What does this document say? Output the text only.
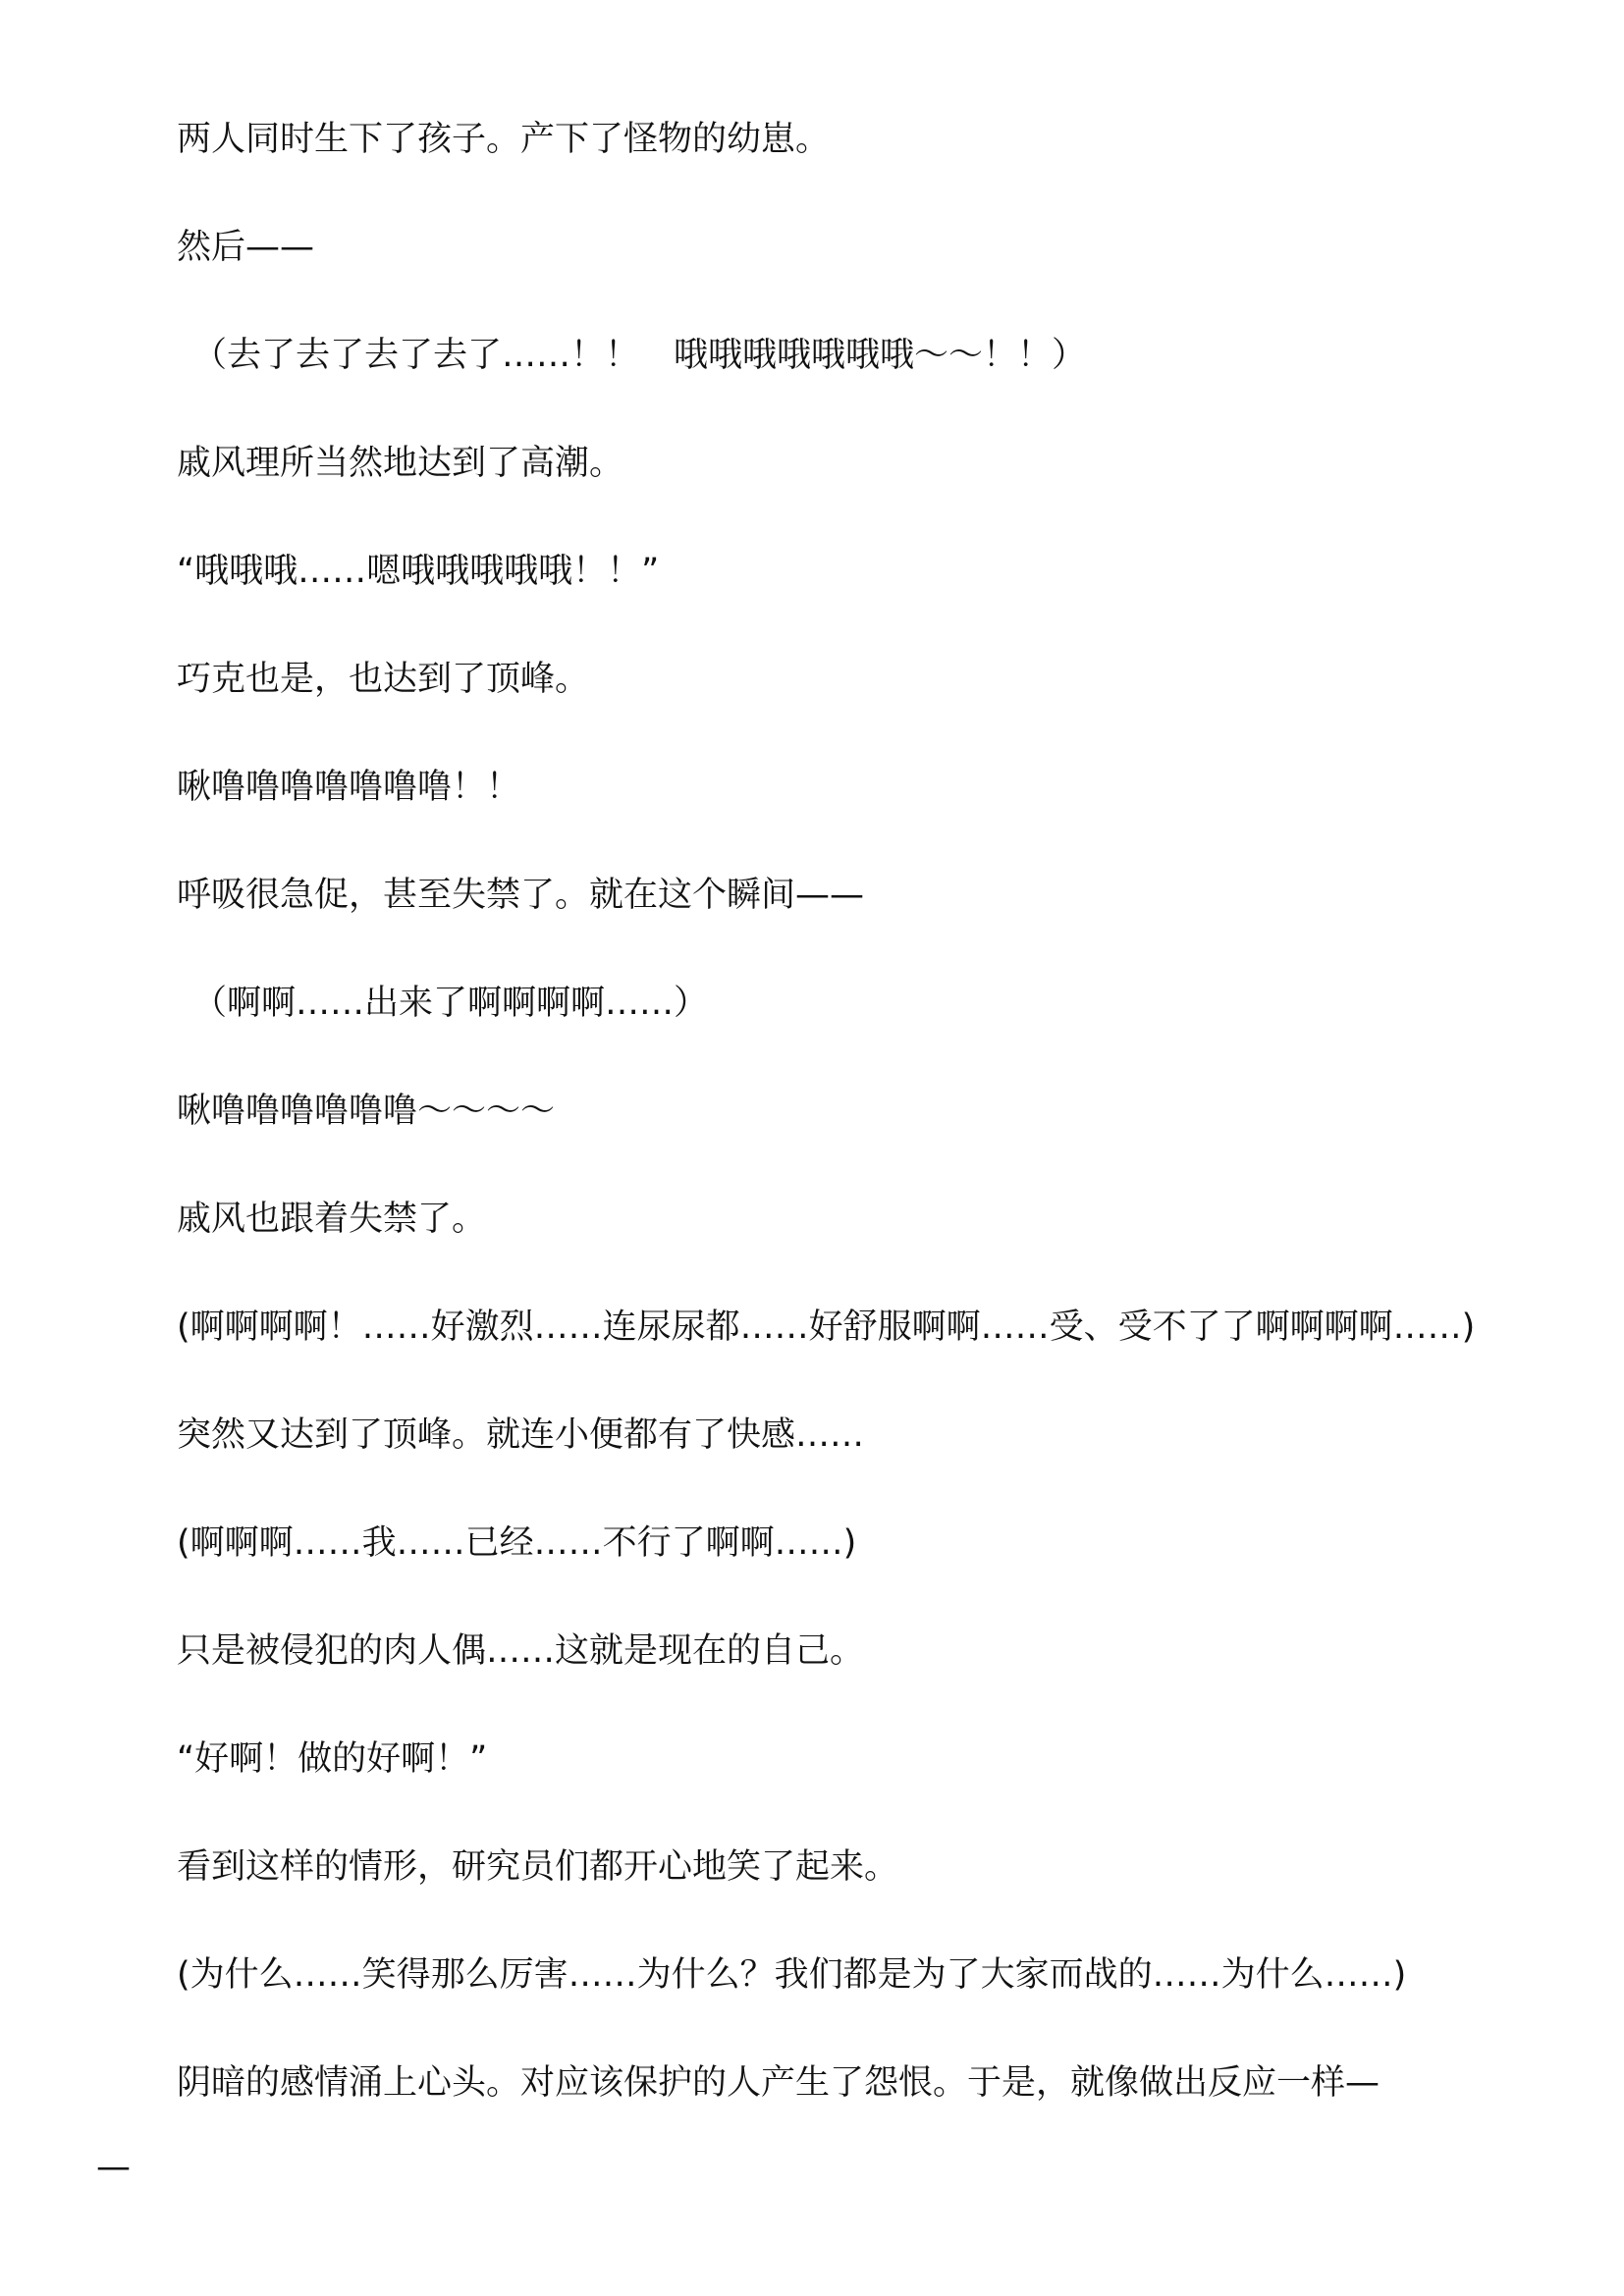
两人同时生下了孩子。产下了怪物的幼崽。

然后——

（去了去了去了去了……！！　哦哦哦哦哦哦哦～～！！）

戚风理所当然地达到了高潮。

“哦哦哦……嗯哦哦哦哦哦！！”

巧克也是，也达到了顶峰。

啾噜噜噜噜噜噜噜！！

呼吸很急促，甚至失禁了。就在这个瞬间——

（啊啊……出来了啊啊啊啊……）

啾噜噜噜噜噜噜～～～～

戚风也跟着失禁了。

(啊啊啊啊！……好激烈……连尿尿都……好舒服啊啊……受、受不了了啊啊啊啊……)

突然又达到了顶峰。就连小便都有了快感……

(啊啊啊……我……已经……不行了啊啊……)

只是被侵犯的肉人偶……这就是现在的自己。

“好啊！做的好啊！”

看到这样的情形，研究员们都开心地笑了起来。

(为什么……笑得那么厉害……为什么？我们都是为了大家而战的……为什么……)

阴暗的感情涌上心头。对应该保护的人产生了怨恨。于是，就像做出反应一样—

—
